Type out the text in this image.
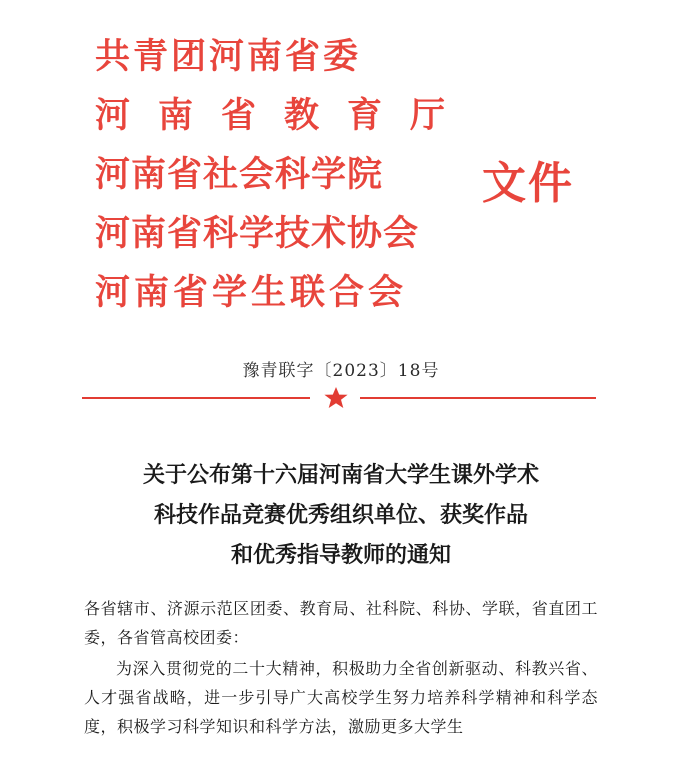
共青团河南省委
河南省教育厅
河南省社会科学院
河南省科学技术协会
河南省学生联合会
文件
豫青联字〔2023〕18号
关于公布第十六届河南省大学生课外学术
科技作品竞赛优秀组织单位、获奖作品
和优秀指导教师的通知

各省辖市、济源示范区团委、教育局、社科院、科协、学联，省直团工委，各省管高校团委：

为深入贯彻党的二十大精神，积极助力全省创新驱动、科教兴省、人才强省战略，进一步引导广大高校学生努力培养科学精神和科学态度，积极学习科学知识和科学方法，激励更多大学生
